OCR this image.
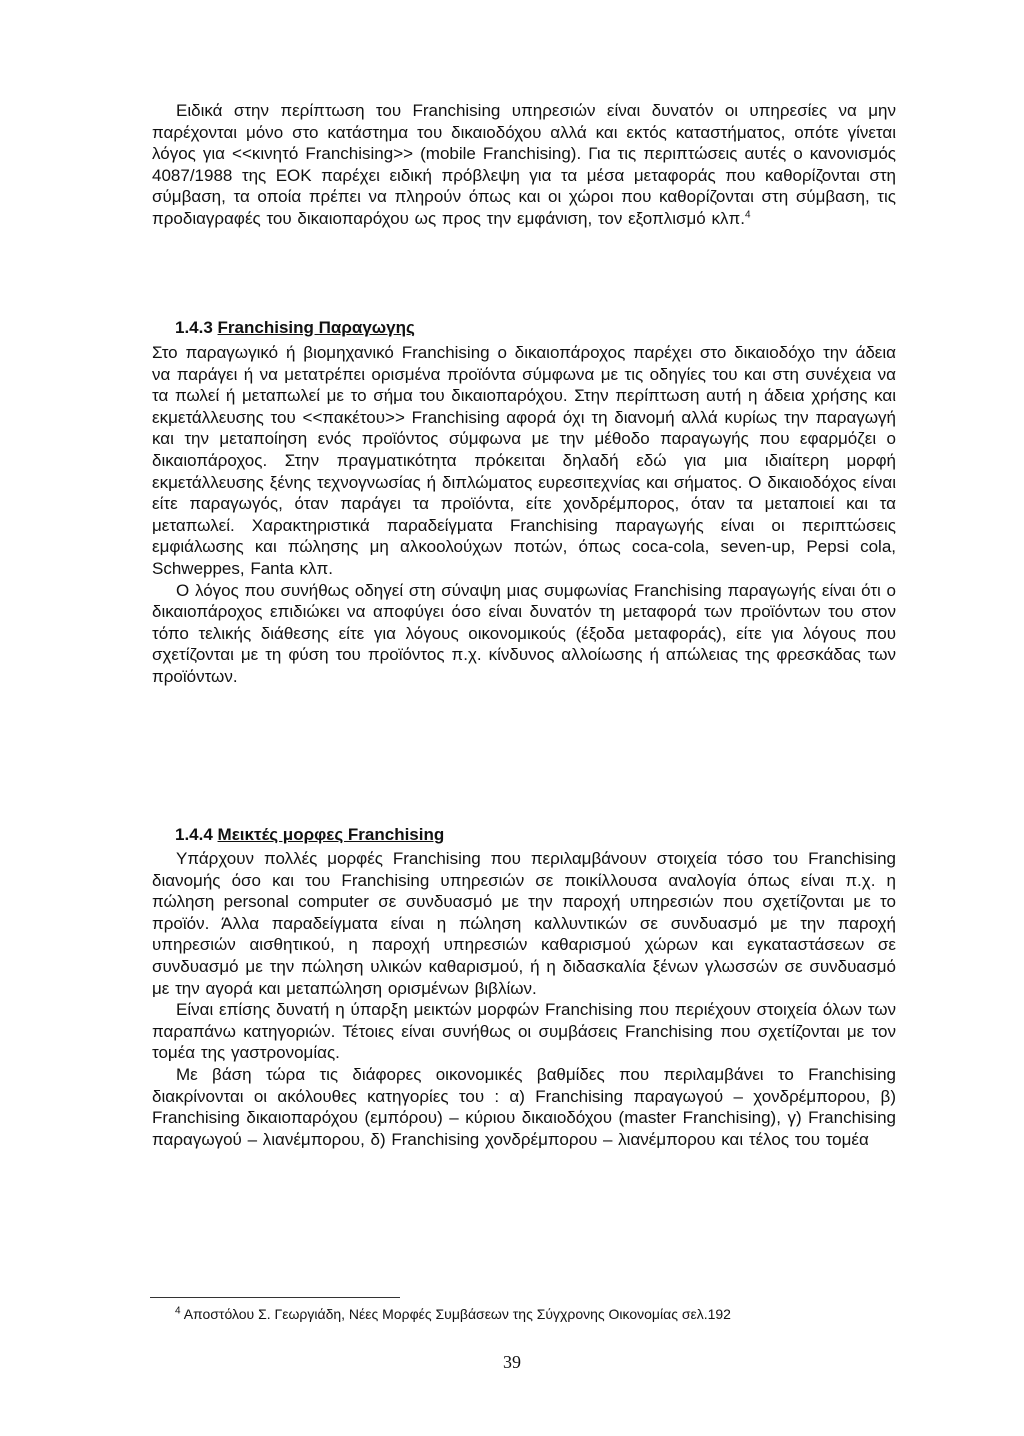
Ειδικά στην περίπτωση του Franchising υπηρεσιών είναι δυνατόν οι υπηρεσίες να μην παρέχονται μόνο στο κατάστημα του δικαιοδόχου αλλά και εκτός καταστήματος, οπότε γίνεται λόγος για <<κινητό Franchising>> (mobile Franchising). Για τις περιπτώσεις αυτές ο κανονισμός 4087/1988 της ΕΟΚ παρέχει ειδική πρόβλεψη για τα μέσα μεταφοράς που καθορίζονται στη σύμβαση, τα οποία πρέπει να πληρούν όπως και οι χώροι που καθορίζονται στη σύμβαση, τις προδιαγραφές του δικαιοπαρόχου ως προς την εμφάνιση, τον εξοπλισμό κλπ.$^4$

1.4.3 Franchising Παραγωγης

Στο παραγωγικό ή βιομηχανικό Franchising ο δικαιοπάροχος παρέχει στο δικαιοδόχο την άδεια να παράγει ή να μετατρέπει ορισμένα προϊόντα σύμφωνα με τις οδηγίες του και στη συνέχεια να τα πωλεί ή μεταπωλεί με το σήμα του δικαιοπαρόχου. Στην περίπτωση αυτή η άδεια χρήσης και εκμετάλλευσης του <<πακέτου>> Franchising αφορά όχι τη διανομή αλλά κυρίως την παραγωγή και την μεταποίηση ενός προϊόντος σύμφωνα με την μέθοδο παραγωγής που εφαρμόζει ο δικαιοπάροχος. Στην πραγματικότητα πρόκειται δηλαδή εδώ για μια ιδιαίτερη μορφή εκμετάλλευσης ξένης τεχνογνωσίας ή διπλώματος ευρεσιτεχνίας και σήματος. Ο δικαιοδόχος είναι είτε παραγωγός, όταν παράγει τα προϊόντα, είτε χονδρέμπορος, όταν τα μεταποιεί και τα μεταπωλεί. Χαρακτηριστικά παραδείγματα Franchising παραγωγής είναι οι περιπτώσεις εμφιάλωσης και πώλησης μη αλκοολούχων ποτών, όπως coca-cola, seven-up, Pepsi cola, Schweppes, Fanta κλπ.

Ο λόγος που συνήθως οδηγεί στη σύναψη μιας συμφωνίας Franchising παραγωγής είναι ότι ο δικαιοπάροχος επιδιώκει να αποφύγει όσο είναι δυνατόν τη μεταφορά των προϊόντων του στον τόπο τελικής διάθεσης είτε για λόγους οικονομικούς (έξοδα μεταφοράς), είτε για λόγους που σχετίζονται με τη φύση του προϊόντος π.χ. κίνδυνος αλλοίωσης ή απώλειας της φρεσκάδας των προϊόντων.

1.4.4 Μεικτές μορφες Franchising

Υπάρχουν πολλές μορφές Franchising που περιλαμβάνουν στοιχεία τόσο του Franchising διανομής όσο και του Franchising υπηρεσιών σε ποικίλλουσα αναλογία όπως είναι π.χ. η πώληση personal computer σε συνδυασμό με την παροχή υπηρεσιών που σχετίζονται με το προϊόν. Άλλα παραδείγματα είναι η πώληση καλλυντικών σε συνδυασμό με την παροχή υπηρεσιών αισθητικού, η παροχή υπηρεσιών καθαρισμού χώρων και εγκαταστάσεων σε συνδυασμό με την πώληση υλικών καθαρισμού, ή η διδασκαλία ξένων γλωσσών σε συνδυασμό με την αγορά και μεταπώληση ορισμένων βιβλίων.

Είναι επίσης δυνατή η ύπαρξη μεικτών μορφών Franchising που περιέχουν στοιχεία όλων των παραπάνω κατηγοριών. Τέτοιες είναι συνήθως οι συμβάσεις Franchising που σχετίζονται με τον τομέα της γαστρονομίας.

Με βάση τώρα τις διάφορες οικονομικές βαθμίδες που περιλαμβάνει το Franchising διακρίνονται οι ακόλουθες κατηγορίες του : α) Franchising παραγωγού – χονδρέμπορου, β) Franchising δικαιοπαρόχου (εμπόρου) – κύριου δικαιοδόχου (master Franchising), γ) Franchising παραγωγού – λιανέμπορου, δ) Franchising χονδρέμπορου – λιανέμπορου και τέλος του τομέα

$^4$ Αποστόλου Σ. Γεωργιάδη, Νέες Μορφές Συμβάσεων της Σύγχρονης Οικονομίας σελ.192
39
